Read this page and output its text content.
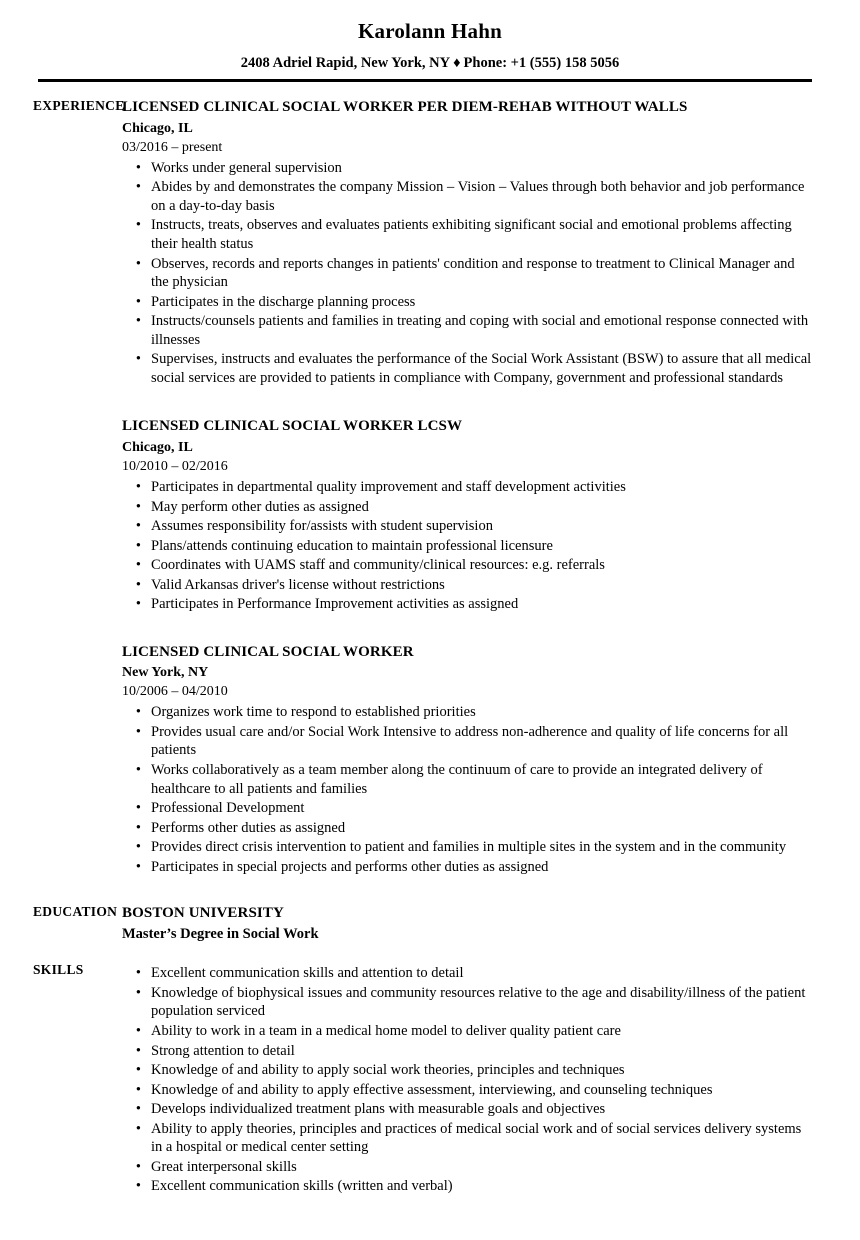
Karolann Hahn
2408 Adriel Rapid, New York, NY ♦ Phone: +1 (555) 158 5056
EXPERIENCE
LICENSED CLINICAL SOCIAL WORKER PER DIEM-REHAB WITHOUT WALLS
Chicago, IL
03/2016 – present
● Works under general supervision
● Abides by and demonstrates the company Mission – Vision – Values through both behavior and job performance on a day-to-day basis
● Instructs, treats, observes and evaluates patients exhibiting significant social and emotional problems affecting their health status
● Observes, records and reports changes in patients' condition and response to treatment to Clinical Manager and the physician
● Participates in the discharge planning process
● Instructs/counsels patients and families in treating and coping with social and emotional response connected with illnesses
● Supervises, instructs and evaluates the performance of the Social Work Assistant (BSW) to assure that all medical social services are provided to patients in compliance with Company, government and professional standards
LICENSED CLINICAL SOCIAL WORKER LCSW
Chicago, IL
10/2010 – 02/2016
● Participates in departmental quality improvement and staff development activities
● May perform other duties as assigned
● Assumes responsibility for/assists with student supervision
● Plans/attends continuing education to maintain professional licensure
● Coordinates with UAMS staff and community/clinical resources: e.g. referrals
● Valid Arkansas driver's license without restrictions
● Participates in Performance Improvement activities as assigned
LICENSED CLINICAL SOCIAL WORKER
New York, NY
10/2006 – 04/2010
● Organizes work time to respond to established priorities
● Provides usual care and/or Social Work Intensive to address non-adherence and quality of life concerns for all patients
● Works collaboratively as a team member along the continuum of care to provide an integrated delivery of healthcare to all patients and families
● Professional Development
● Performs other duties as assigned
● Provides direct crisis intervention to patient and families in multiple sites in the system and in the community
● Participates in special projects and performs other duties as assigned
EDUCATION BOSTON UNIVERSITY
Master’s Degree in Social Work
SKILLS	● Excellent communication skills and attention to detail
● Knowledge of biophysical issues and community resources relative to the age and disability/illness of the patient population serviced
● Ability to work in a team in a medical home model to deliver quality patient care
● Strong attention to detail
● Knowledge of and ability to apply social work theories, principles and techniques
● Knowledge of and ability to apply effective assessment, interviewing, and counseling techniques
● Develops individualized treatment plans with measurable goals and objectives
● Ability to apply theories, principles and practices of medical social work and of social services delivery systems in a hospital or medical center setting
● Great interpersonal skills
● Excellent communication skills (written and verbal)
